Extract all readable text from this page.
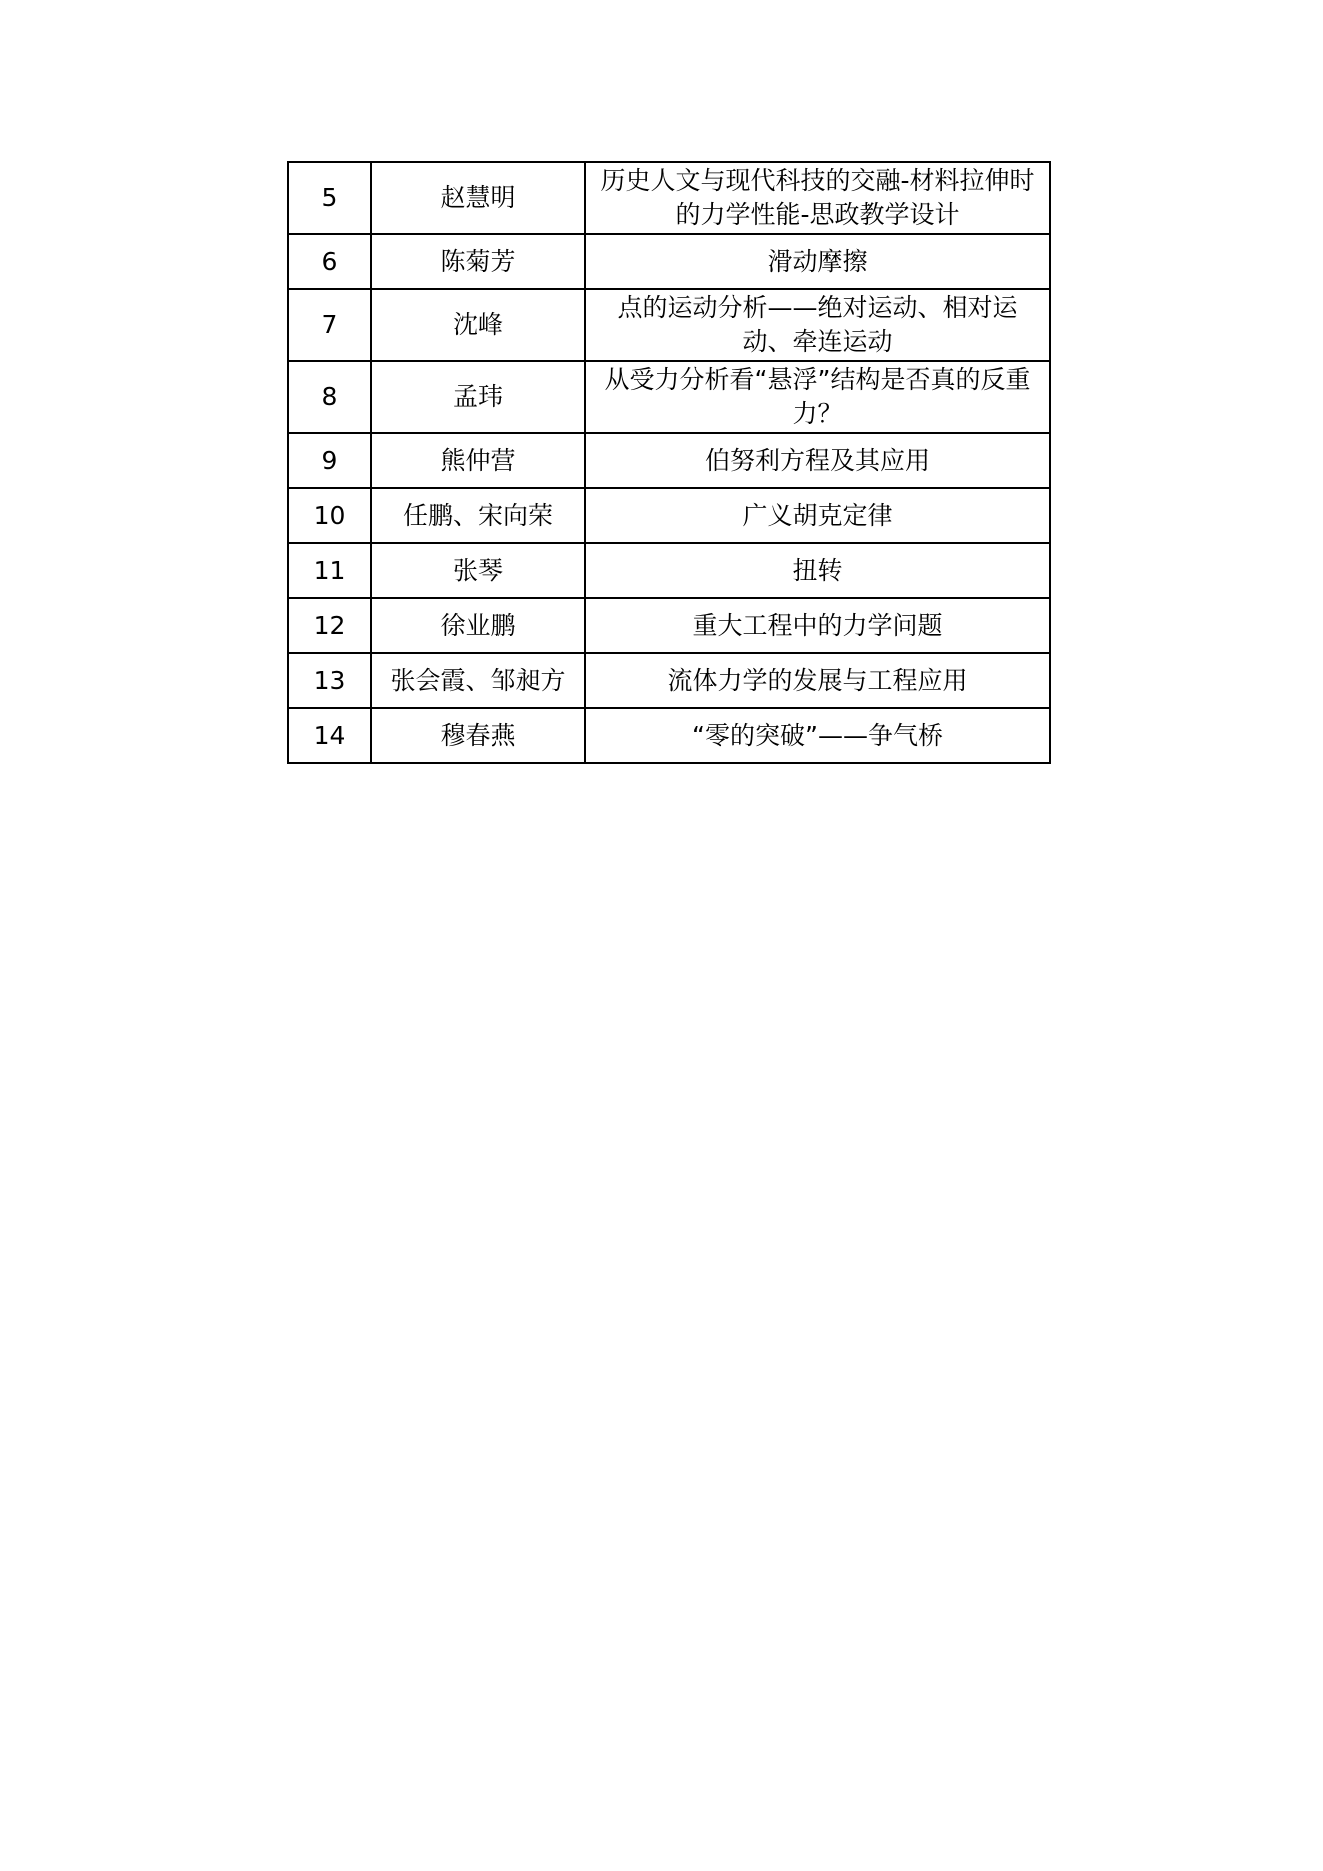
5	赵慧明	历史人文与现代科技的交融-材料拉伸时的力学性能-思政教学设计
6	陈菊芳	滑动摩擦
7	沈峰	点的运动分析——绝对运动、相对运动、牵连运动
8	孟玮	从受力分析看“悬浮”结构是否真的反重力？
9	熊仲营	伯努利方程及其应用
10	任鹏、宋向荣	广义胡克定律
11	张琴	扭转
12	徐业鹏	重大工程中的力学问题
13	张会霞、邹昶方	流体力学的发展与工程应用
14	穆春燕	“零的突破”——争气桥
